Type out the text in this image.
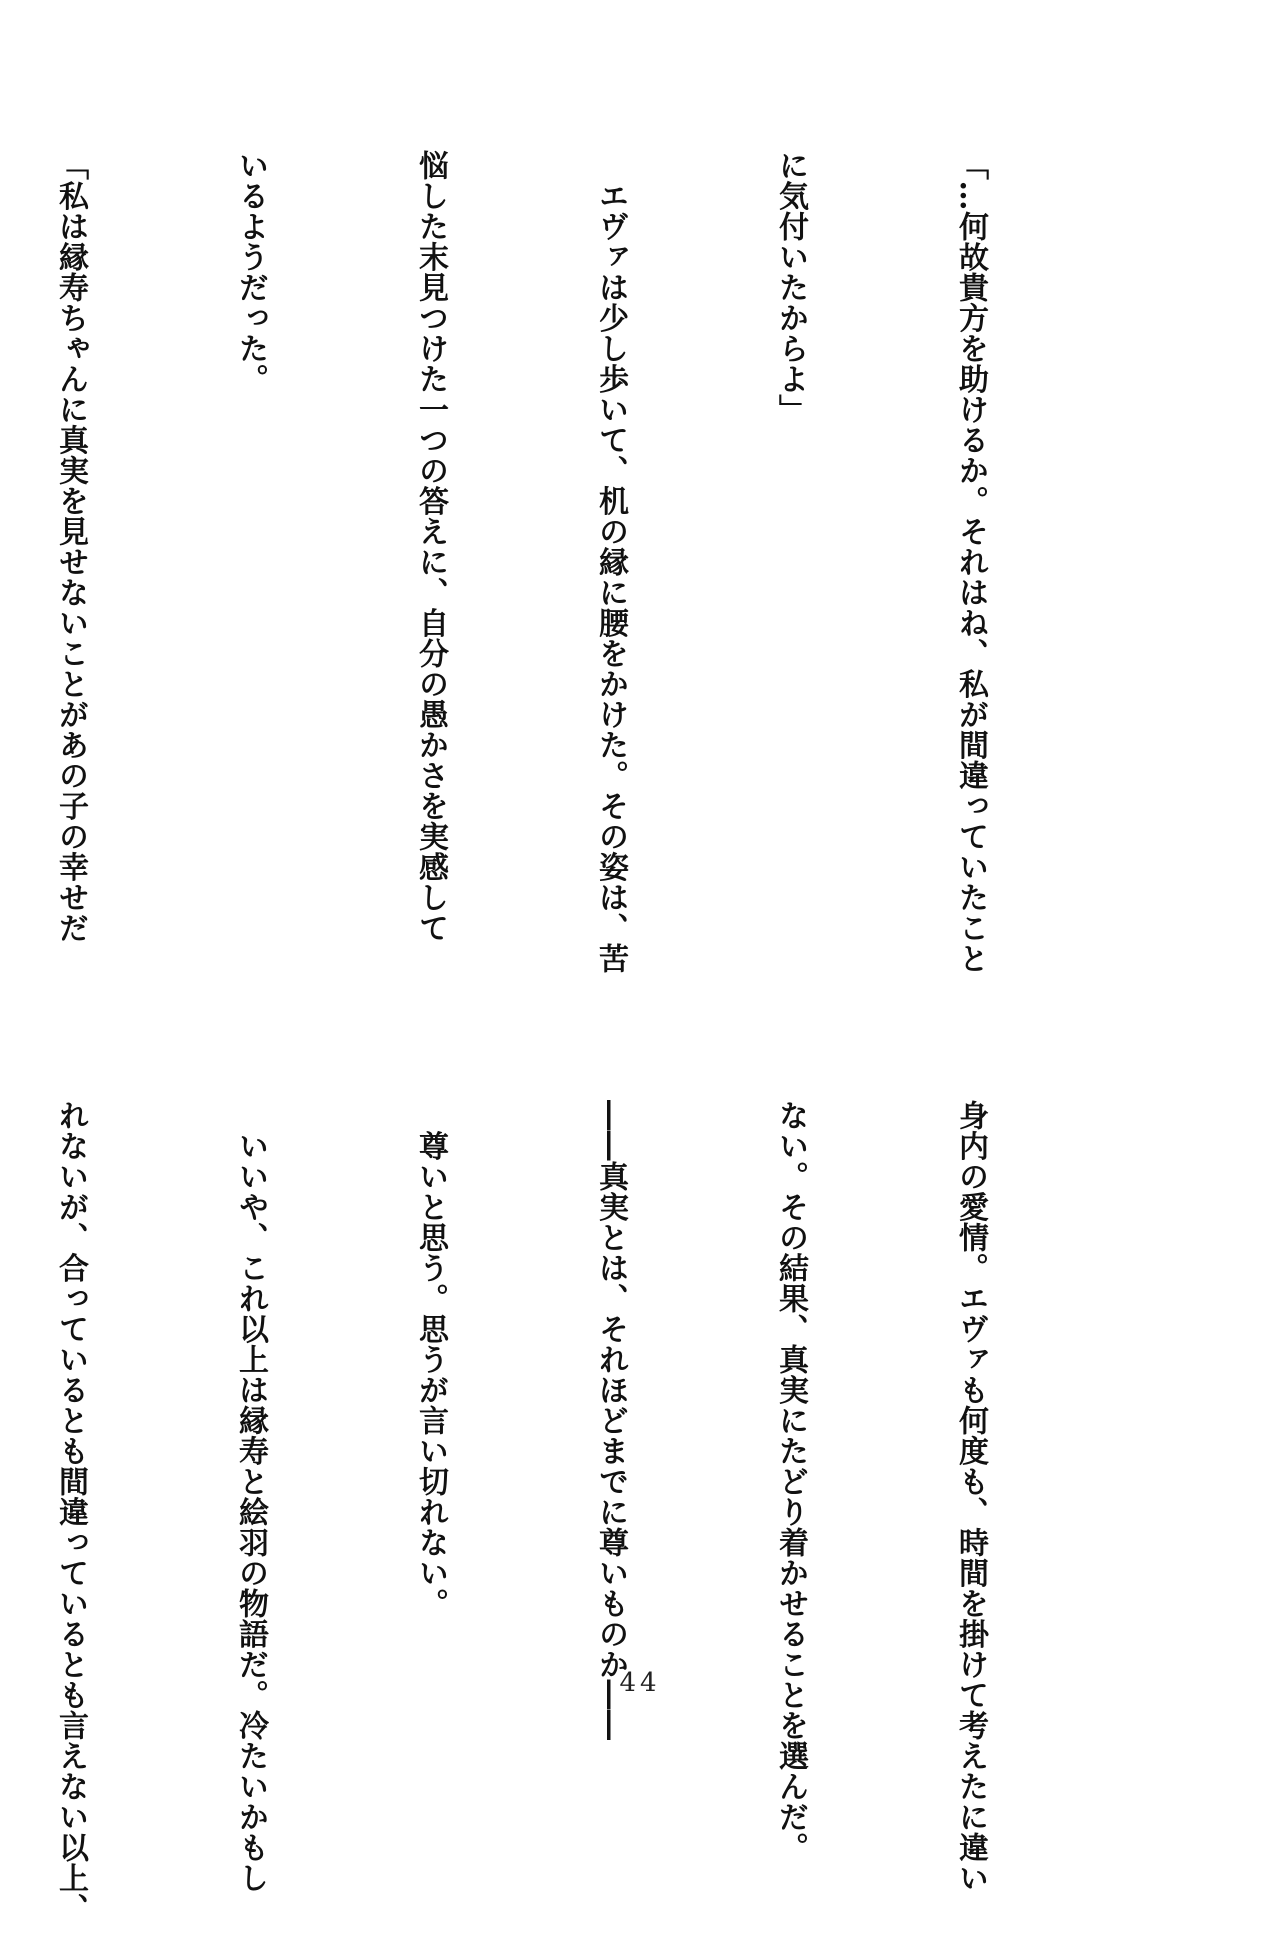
「…何故貴方を助けるか。それはね、私が間違っていたこと

に気付いたからよ」

　エヴァは少し歩いて、机の縁に腰をかけた。その姿は、苦

悩した末見つけた一つの答えに、自分の愚かさを実感して

いるようだった。

「私は縁寿ちゃんに真実を見せないことがあの子の幸せだ

身内の愛情。エヴァも何度も、時間を掛けて考えたに違い

ない。その結果、真実にたどり着かせることを選んだ。

――真実とは、それほどまでに尊いものか――

　尊いと思う。思うが言い切れない。

　いいや、これ以上は縁寿と絵羽の物語だ。冷たいかもし

れないが、合っているとも間違っているとも言えない以上、

	44
